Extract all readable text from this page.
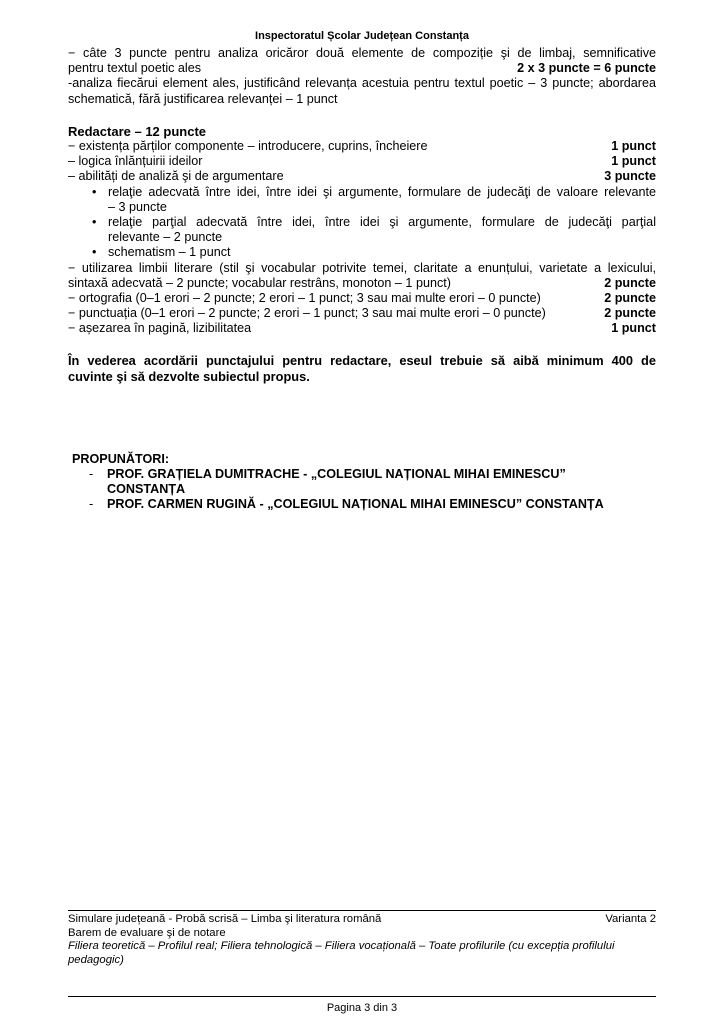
Inspectoratul Școlar Județean Constanța
− câte 3 puncte pentru analiza oricăror două elemente de compoziție şi de limbaj, semnificative
pentru textul poetic ales	2 x 3 puncte = 6 puncte
-analiza fiecărui element ales, justificând relevanța acestuia pentru textul poetic – 3 puncte; abordarea
schematică, fără justificarea relevanței – 1 punct
Redactare – 12 puncte
− existența părților componente – introducere, cuprins, încheiere	1 punct
– logica înlănțuirii ideilor	1 punct
– abilități de analiză şi de argumentare	3 puncte
• relaţie adecvată între idei, între idei şi argumente, formulare de judecăţi de valoare relevante
– 3 puncte
• relaţie parţial adecvată între idei, între idei şi argumente, formulare de judecăţi parţial
relevante – 2 puncte
• schematism – 1 punct
− utilizarea limbii literare (stil şi vocabular potrivite temei, claritate a enunțului, varietate a lexicului,
sintaxă adecvată – 2 puncte; vocabular restrâns, monoton – 1 punct)	2 puncte
− ortografia (0–1 erori – 2 puncte; 2 erori – 1 punct; 3 sau mai multe erori – 0 puncte)	2 puncte
− punctuația (0–1 erori – 2 puncte; 2 erori – 1 punct; 3 sau mai multe erori – 0 puncte)	2 puncte
− așezarea în pagină, lizibilitatea	1 punct
În vederea acordării punctajului pentru redactare, eseul trebuie să aibă minimum 400 de
cuvinte şi să dezvolte subiectul propus.
PROPUNĂTORI:
- PROF. GRAȚIELA DUMITRACHE - „COLEGIUL NAȚIONAL MIHAI EMINESCU”
CONSTANȚA
- PROF. CARMEN RUGINĂ - „COLEGIUL NAȚIONAL MIHAI EMINESCU” CONSTANȚA
Simulare județeană - Probă scrisă – Limba şi literatura română	Varianta 2
Barem de evaluare şi de notare
Filiera teoretică – Profilul real; Filiera tehnologică – Filiera vocațională – Toate profilurile (cu excepția profilului
pedagogic)
Pagina 3 din 3
